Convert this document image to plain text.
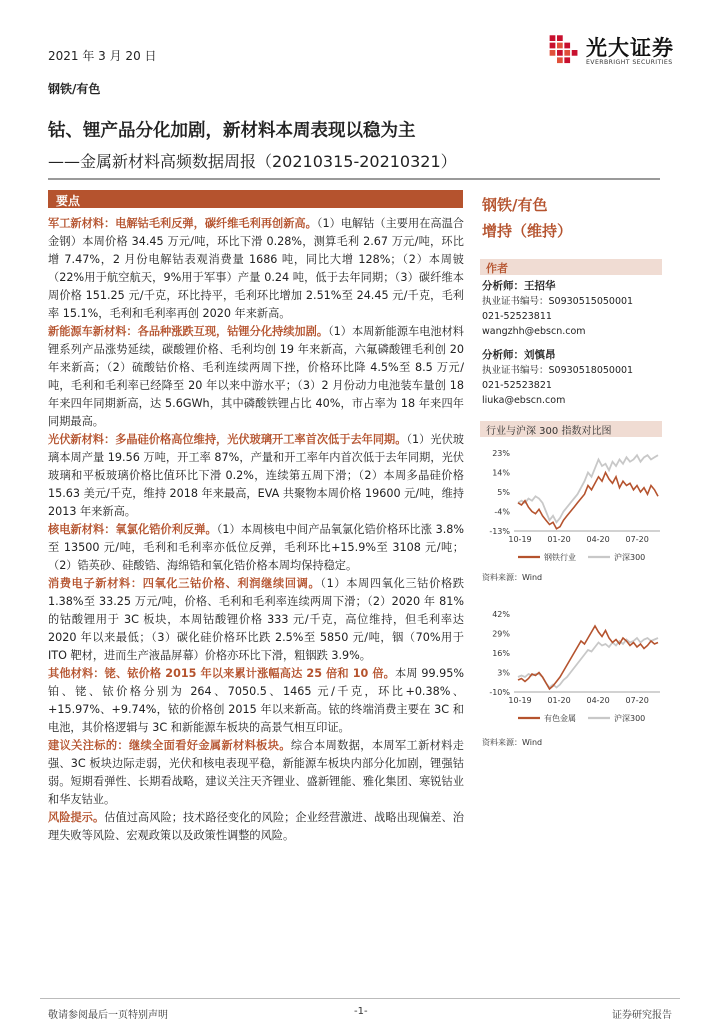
2021 年 3 月 20 日	光大证券
EVERBRIGHT SECURITIES
钢铁/有色
钴、锂产品分化加剧，新材料本周表现以稳为主
——金属新材料高频数据周报（20210315-20210321）
要点

军工新材料：电解钴毛利反弹，碳纤维毛利再创新高。（1）电解钴（主要用在高温合金钢）本周价格 34.45 万元/吨，环比下滑 0.28%，测算毛利 2.67 万元/吨，环比增 7.47%，2 月份电解钴表观消费量 1686 吨，同比大增 128%；（2）本周铍（22%用于航空航天，9%用于军事）产量 0.24 吨，低于去年同期；（3）碳纤维本周价格 151.25 元/千克，环比持平，毛利环比增加 2.51%至 24.45 元/千克，毛利率 15.1%，毛利和毛利率再创 2020 年来新高。

新能源车新材料：各品种涨跌互现，钴锂分化持续加剧。（1）本周新能源车电池材料锂系列产品涨势延续，碳酸锂价格、毛利均创 19 年来新高，六氟磷酸锂毛利创 20 年来新高；（2）硫酸钴价格、毛利连续两周下挫，价格环比降 4.5%至 8.5 万元/吨，毛利和毛利率已经降至 20 年以来中游水平；（3）2 月份动力电池装车量创 18 年来四年同期新高，达 5.6GWh，其中磷酸铁锂占比 40%，市占率为 18 年来四年同期最高。

光伏新材料：多晶硅价格高位维持，光伏玻璃开工率首次低于去年同期。（1）光伏玻璃本周产量 19.56 万吨，开工率 87%，产量和开工率年内首次低于去年同期，光伏玻璃和平板玻璃价格比值环比下滑 0.2%，连续第五周下滑；（2）本周多晶硅价格 15.63 美元/千克，维持 2018 年来最高，EVA 共聚物本周价格 19600 元/吨，维持 2013 年来新高。

核电新材料：氧氯化锆价利反弹。（1）本周核电中间产品氧氯化锆价格环比涨 3.8%至 13500 元/吨，毛利和毛利率亦低位反弹，毛利环比+15.9%至 3108 元/吨；（2）锆英砂、硅酸锆、海绵锆和氧化锆价格本周均保持稳定。

消费电子新材料：四氧化三钴价格、利润继续回调。（1）本周四氧化三钴价格跌 1.38%至 33.25 万元/吨，价格、毛利和毛利率连续两周下滑；（2）2020 年 81%的钴酸锂用于 3C 板块，本周钴酸锂价格 333 元/千克，高位维持，但毛利率达 2020 年以来最低；（3）碳化硅价格环比跌 2.5%至 5850 元/吨，铟（70%用于 ITO 靶材，进而生产液晶屏幕）价格亦环比下滑，粗铟跌 3.9%。

其他材料：铑、铱价格 2015 年以来累计涨幅高达 25 倍和 10 倍。本周 99.95%铂、铑、铱价格分别为 264、7050.5、1465 元/千克，环比+0.38%、+15.97%、+9.74%，铱的价格创 2015 年以来新高。铱的终端消费主要在 3C 和电池，其价格逻辑与 3C 和新能源车板块的高景气相互印证。

建议关注标的：继续全面看好金属新材料板块。综合本周数据，本周军工新材料走强、3C 板块边际走弱，光伏和核电表现平稳，新能源车板块内部分化加剧，锂强钴弱。短期看弹性、长期看战略，建议关注天齐锂业、盛新锂能、雅化集团、寒锐钴业和华友钴业。

风险提示。估值过高风险；技术路径变化的风险；企业经营激进、战略出现偏差、治理失败等风险、宏观政策以及政策性调整的风险。

钢铁/有色
增持（维持）
作者
分析师：王招华
执业证书编号：S0930515050001
021-52523811
wangzhh@ebscn.com
分析师：刘慎昂
执业证书编号：S0930518050001
021-52523821
liuka@ebscn.com
行业与沪深 300 指数对比图
23%
14%
5%
-4%
-13%
10-19 01-20 04-20 07-20
钢铁行业	沪深300
资料来源：Wind
42%
29%
16%
3%
-10%
10-19 01-20 04-20 07-20
有色金属	沪深300
资料来源：Wind
敬请参阅最后一页特别声明	-1-	证券研究报告
